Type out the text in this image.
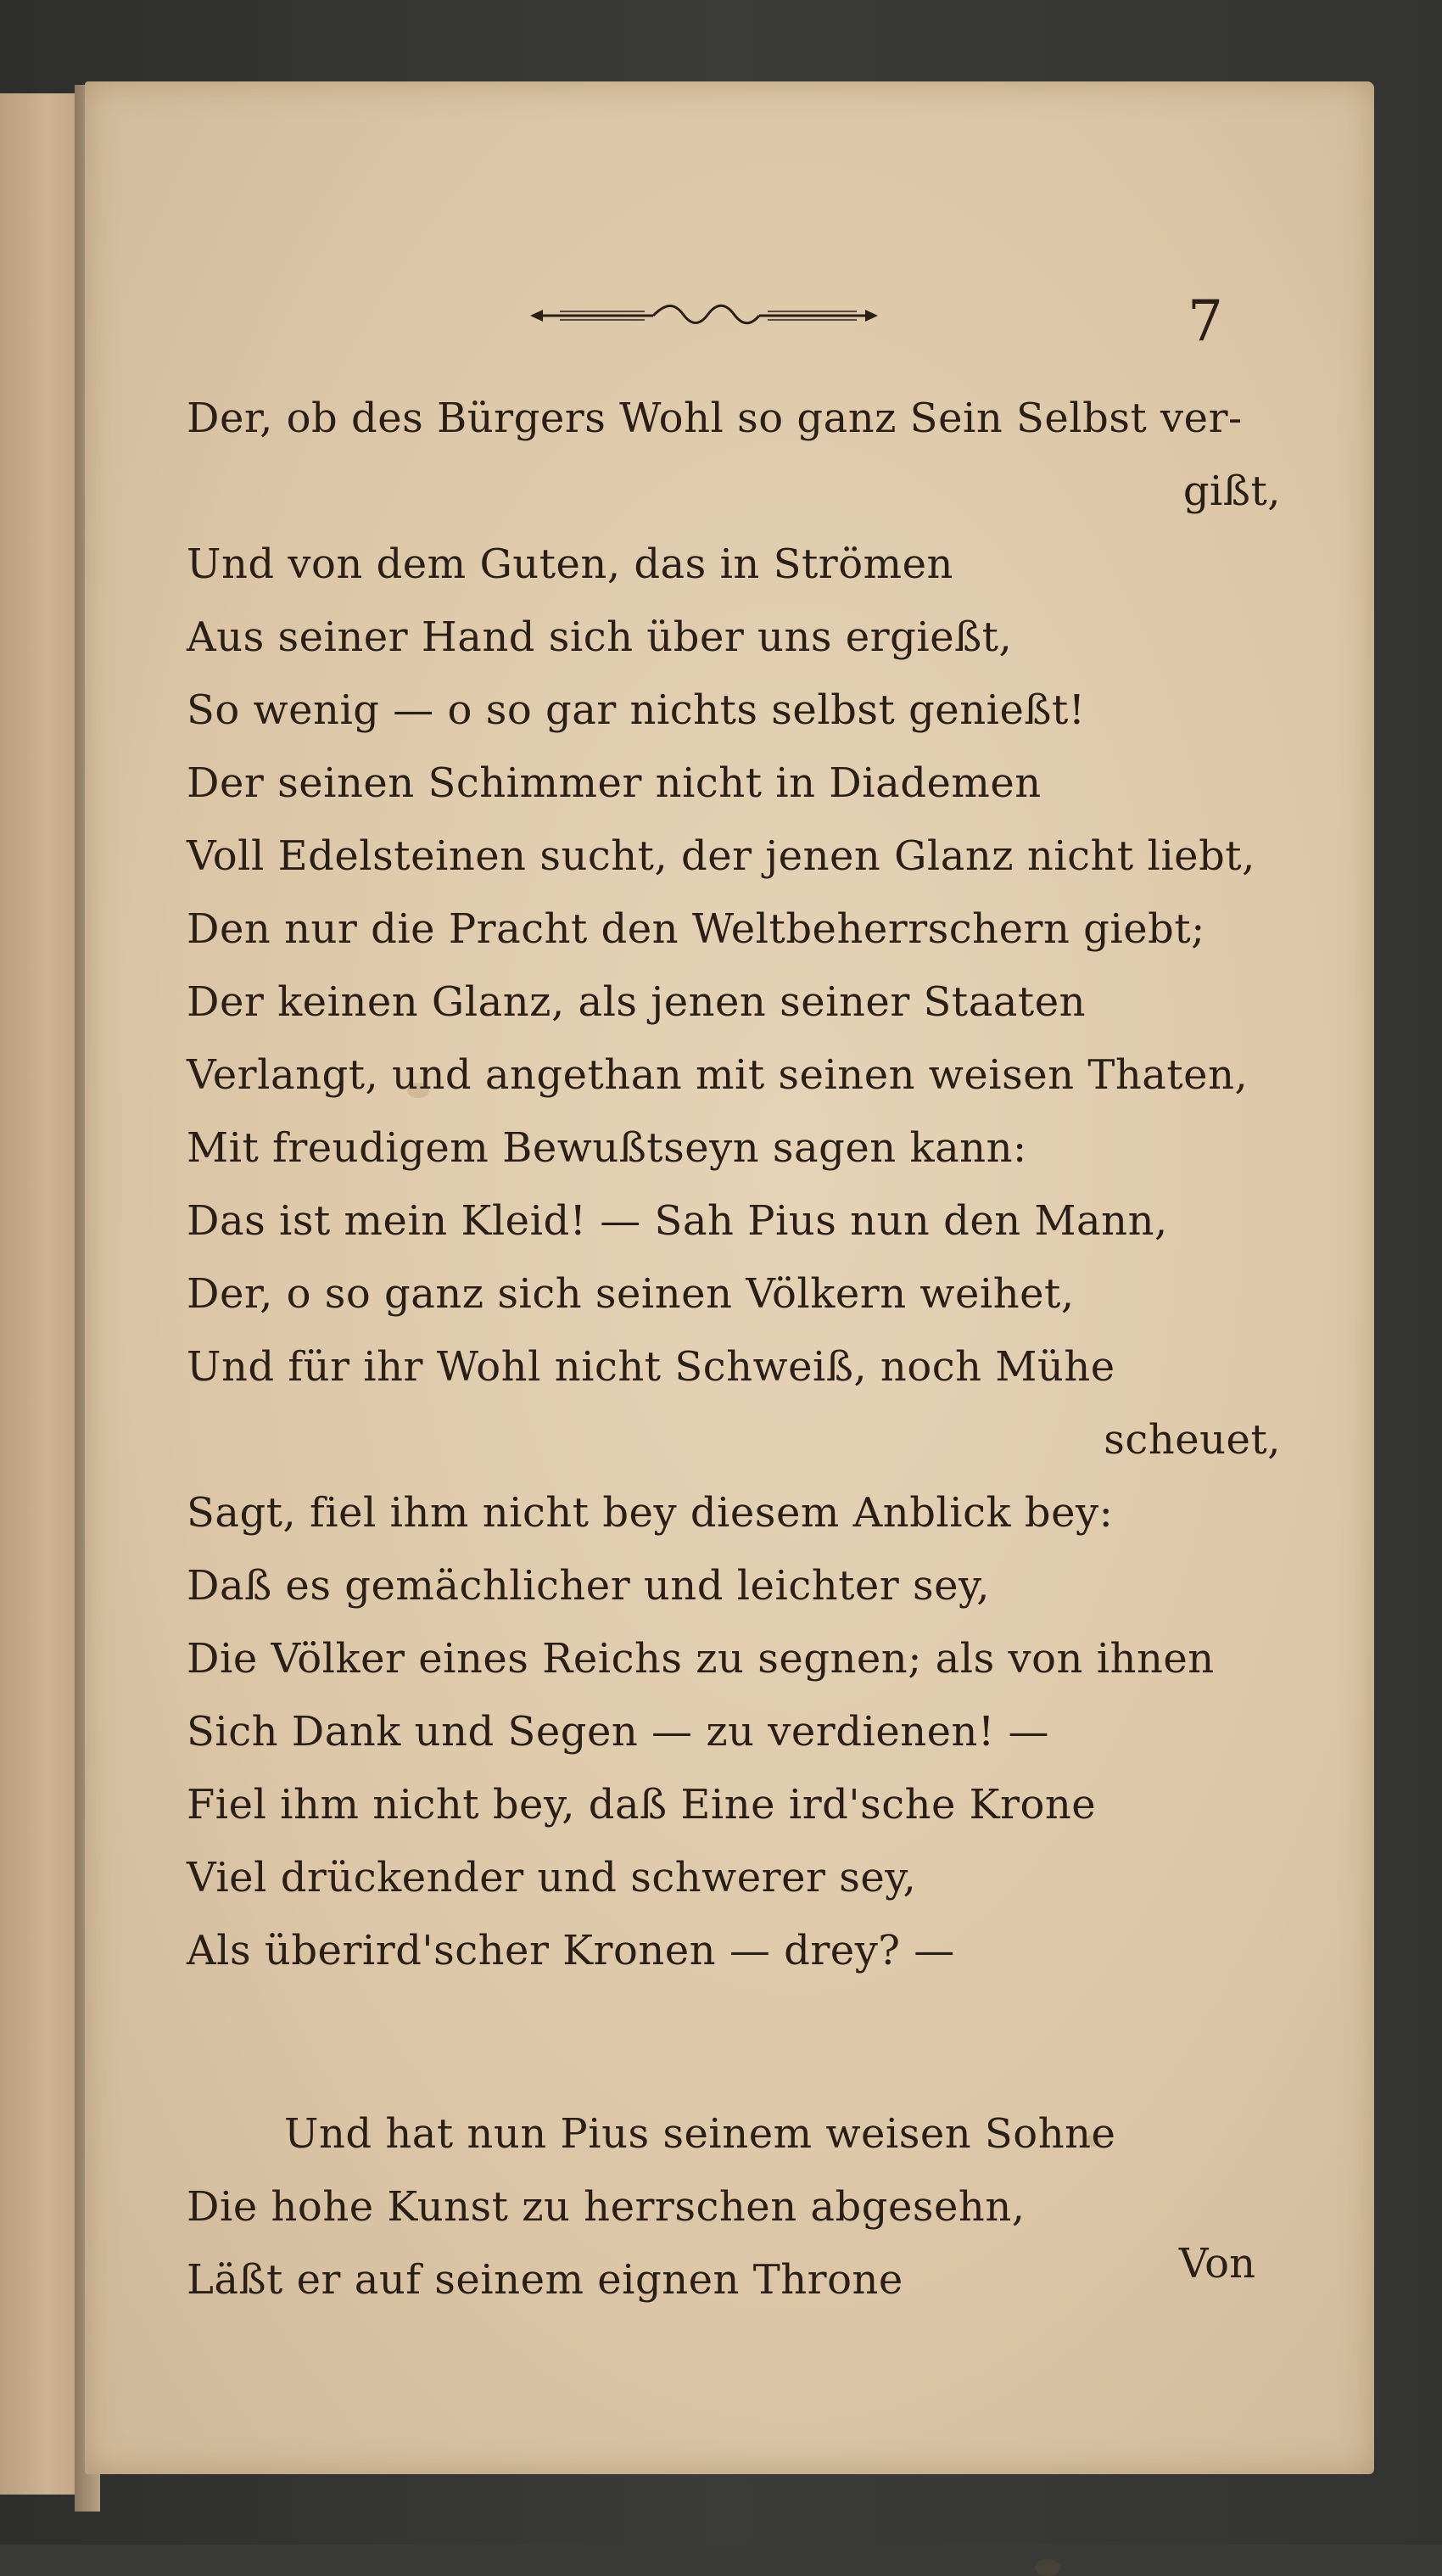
7
Der, ob des Bürgers Wohl so ganz Sein Selbst ver-
gißt,
Und von dem Guten, das in Strömen
Aus seiner Hand sich über uns ergießt,
So wenig — o so gar nichts selbst genießt!
Der seinen Schimmer nicht in Diademen
Voll Edelsteinen sucht, der jenen Glanz nicht liebt,
Den nur die Pracht den Weltbeherrschern giebt;
Der keinen Glanz, als jenen seiner Staaten
Verlangt, und angethan mit seinen weisen Thaten,
Mit freudigem Bewußtseyn sagen kann:
Das ist mein Kleid! — Sah Pius nun den Mann,
Der, o so ganz sich seinen Völkern weihet,
Und für ihr Wohl nicht Schweiß, noch Mühe
scheuet,
Sagt, fiel ihm nicht bey diesem Anblick bey:
Daß es gemächlicher und leichter sey,
Die Völker eines Reichs zu segnen; als von ihnen
Sich Dank und Segen — zu verdienen! —
Fiel ihm nicht bey, daß Eine ird'sche Krone
Viel drückender und schwerer sey,
Als überird'scher Kronen — drey? —
Und hat nun Pius seinem weisen Sohne
Die hohe Kunst zu herrschen abgesehn,
Läßt er auf seinem eignen Throne	Von
